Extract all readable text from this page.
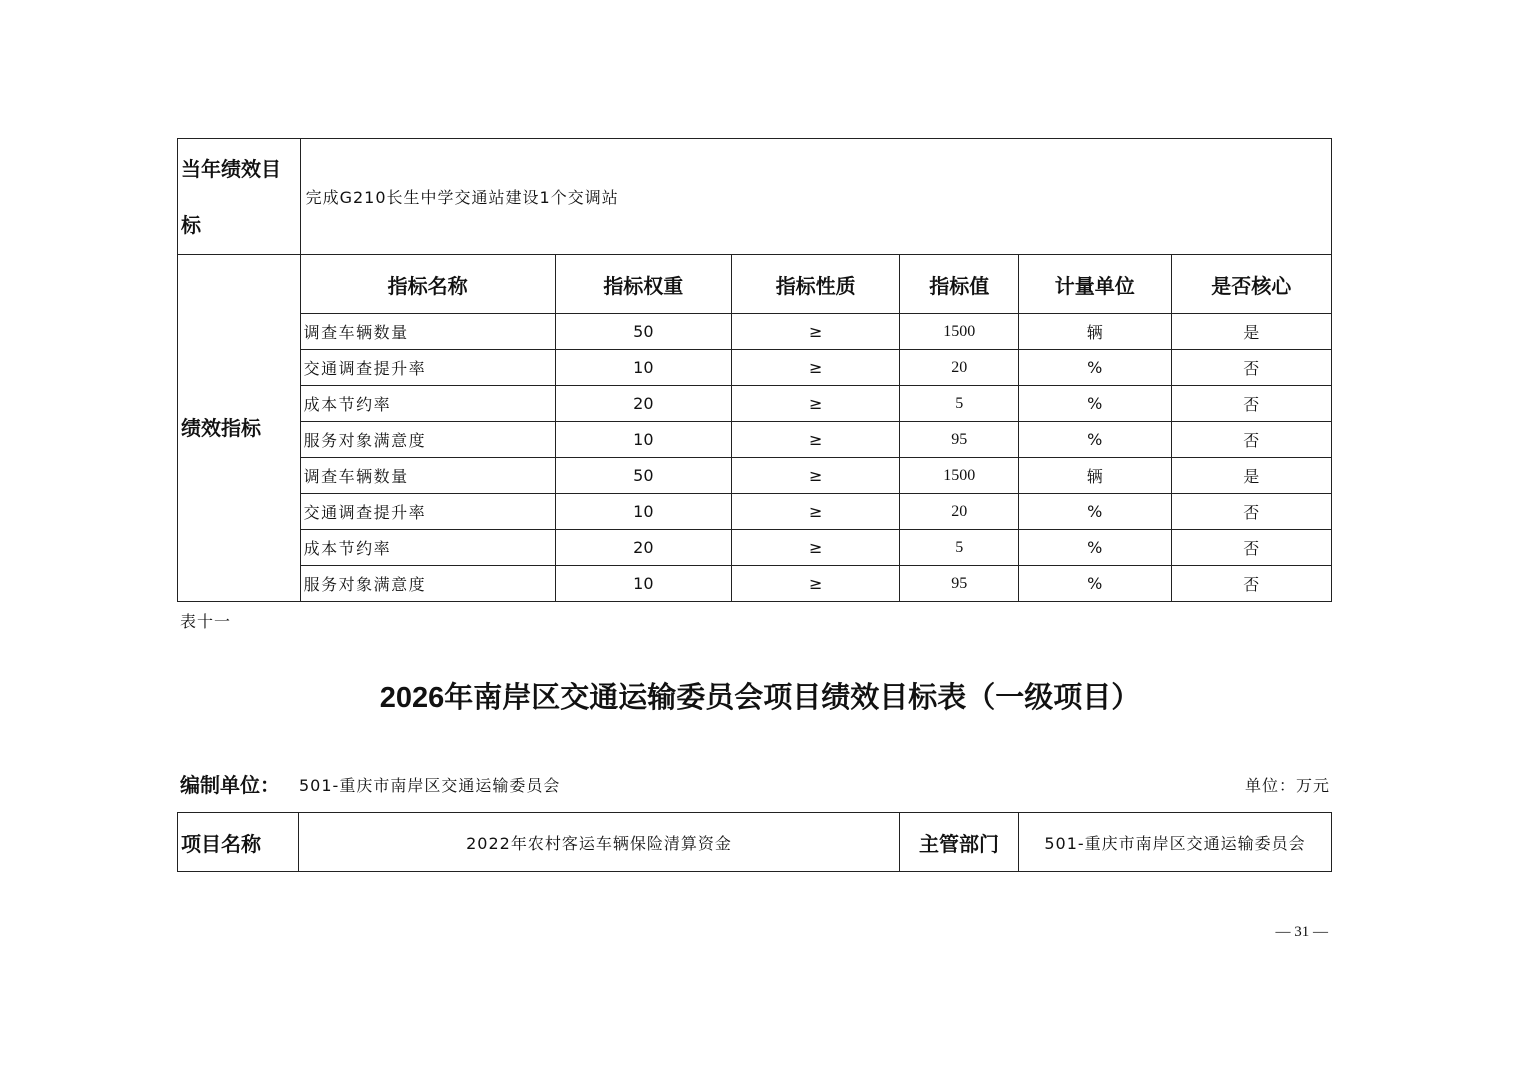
当年绩效目标	完成G210长生中学交通站建设1个交调站					
绩效指标	指标名称	指标权重	指标性质	指标值	计量单位	是否核心
	调查车辆数量	50	≥	1500	辆	是
	交通调查提升率	10	≥	20	%	否
	成本节约率	20	≥	5	%	否
	服务对象满意度	10	≥	95	%	否
	调查车辆数量	50	≥	1500	辆	是
	交通调查提升率	10	≥	20	%	否
	成本节约率	20	≥	5	%	否
	服务对象满意度	10	≥	95	%	否
表十一
2026年南岸区交通运输委员会项目绩效目标表（一级项目）
编制单位： 501-重庆市南岸区交通运输委员会	单位：万元
项目名称	2022年农村客运车辆保险清算资金	主管部门	501-重庆市南岸区交通运输委员会
— 31 —
